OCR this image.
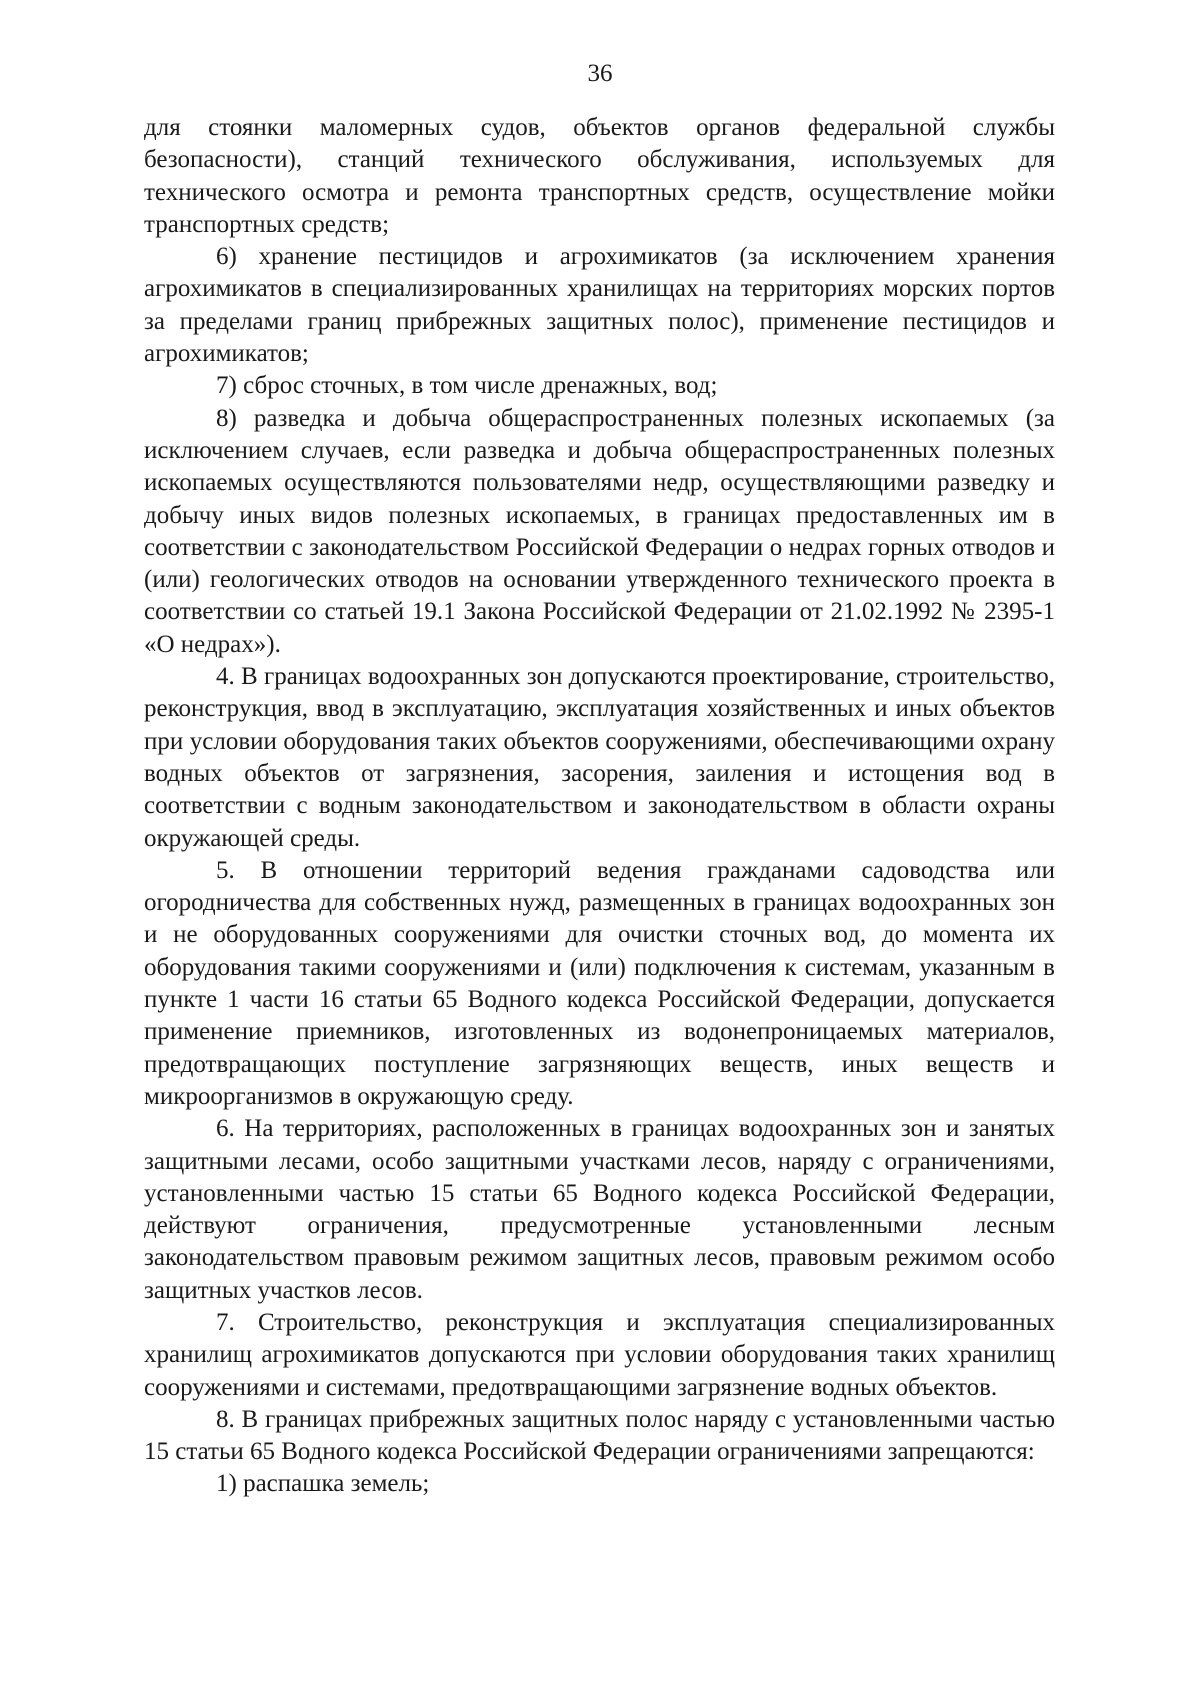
36

для стоянки маломерных судов, объектов органов федеральной службы безопасности), станций технического обслуживания, используемых для технического осмотра и ремонта транспортных средств, осуществление мойки транспортных средств;

6) хранение пестицидов и агрохимикатов (за исключением хранения агрохимикатов в специализированных хранилищах на территориях морских портов за пределами границ прибрежных защитных полос), применение пестицидов и агрохимикатов;

7) сброс сточных, в том числе дренажных, вод;

8) разведка и добыча общераспространенных полезных ископаемых (за исключением случаев, если разведка и добыча общераспространенных полезных ископаемых осуществляются пользователями недр, осуществляющими разведку и добычу иных видов полезных ископаемых, в границах предоставленных им в соответствии с законодательством Российской Федерации о недрах горных отводов и (или) геологических отводов на основании утвержденного технического проекта в соответствии со статьей 19.1 Закона Российской Федерации от 21.02.1992 № 2395-1 «О недрах»).

4. В границах водоохранных зон допускаются проектирование, строительство, реконструкция, ввод в эксплуатацию, эксплуатация хозяйственных и иных объектов при условии оборудования таких объектов сооружениями, обеспечивающими охрану водных объектов от загрязнения, засорения, заиления и истощения вод в соответствии с водным законодательством и законодательством в области охраны окружающей среды.

5. В отношении территорий ведения гражданами садоводства или огородничества для собственных нужд, размещенных в границах водоохранных зон и не оборудованных сооружениями для очистки сточных вод, до момента их оборудования такими сооружениями и (или) подключения к системам, указанным в пункте 1 части 16 статьи 65 Водного кодекса Российской Федерации, допускается применение приемников, изготовленных из водонепроницаемых материалов, предотвращающих поступление загрязняющих веществ, иных веществ и микроорганизмов в окружающую среду.

6. На территориях, расположенных в границах водоохранных зон и занятых защитными лесами, особо защитными участками лесов, наряду с ограничениями, установленными частью 15 статьи 65 Водного кодекса Российской Федерации, действуют ограничения, предусмотренные установленными лесным законодательством правовым режимом защитных лесов, правовым режимом особо защитных участков лесов.

7. Строительство, реконструкция и эксплуатация специализированных хранилищ агрохимикатов допускаются при условии оборудования таких хранилищ сооружениями и системами, предотвращающими загрязнение водных объектов.

8. В границах прибрежных защитных полос наряду с установленными частью 15 статьи 65 Водного кодекса Российской Федерации ограничениями запрещаются:

1) распашка земель;
